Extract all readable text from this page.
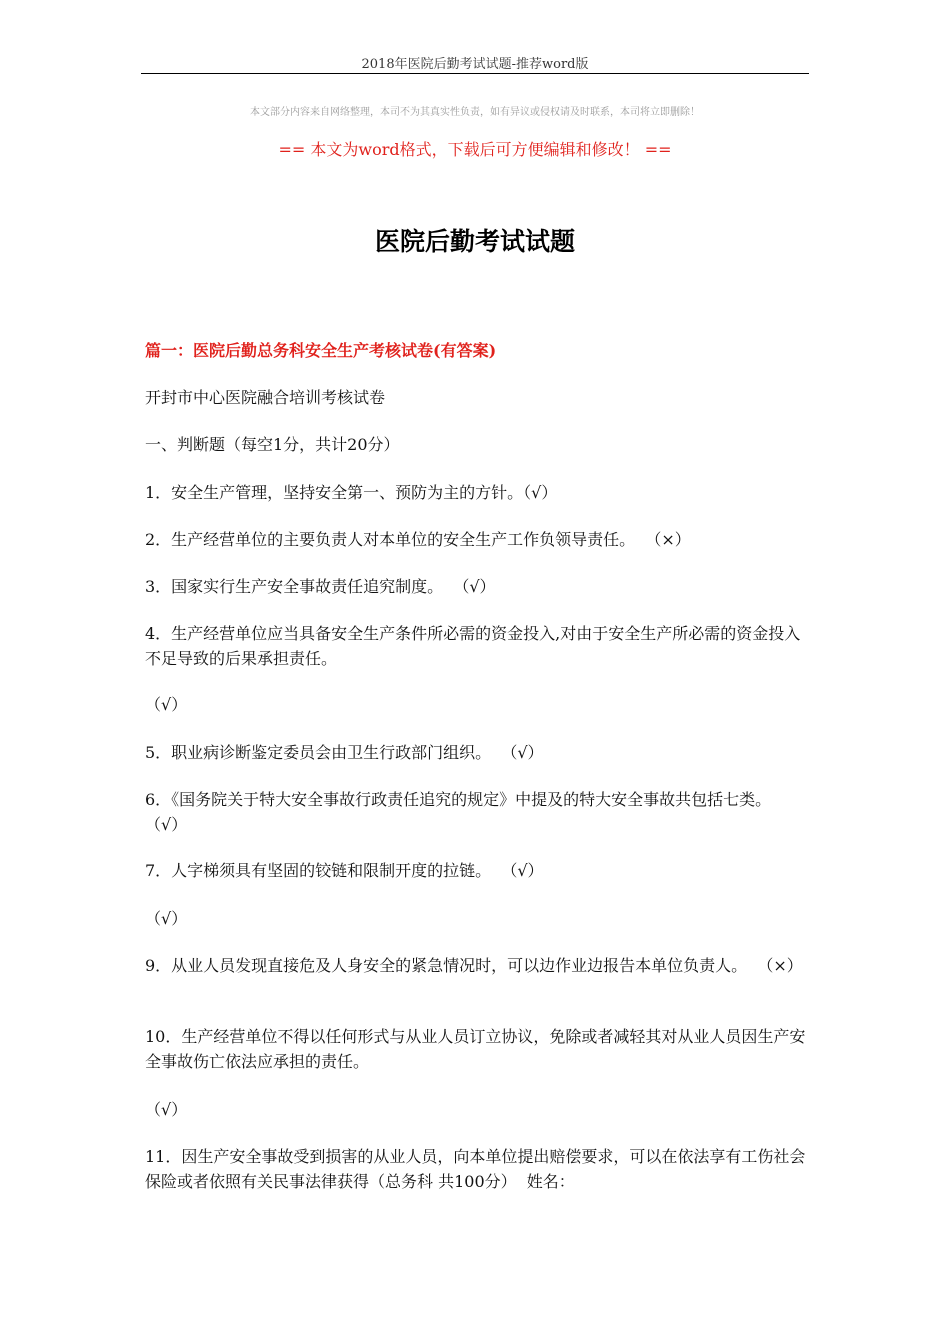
2018年医院后勤考试试题-推荐word版
本文部分内容来自网络整理，本司不为其真实性负责，如有异议或侵权请及时联系，本司将立即删除！
== 本文为word格式，下载后可方便编辑和修改！ ==
医院后勤考试试题
篇一：医院后勤总务科安全生产考核试卷(有答案)
开封市中心医院融合培训考核试卷
一、判断题（每空1分，共计20分）
1．安全生产管理，坚持安全第一、预防为主的方针。（√）
2．生产经营单位的主要负责人对本单位的安全生产工作负领导责任。  （×）
3．国家实行生产安全事故责任追究制度。  （√）
4．生产经营单位应当具备安全生产条件所必需的资金投入,对由于安全生产所必需的资金投入不足导致的后果承担责任。
（√）
5．职业病诊断鉴定委员会由卫生行政部门组织。  （√）
6．《国务院关于特大安全事故行政责任追究的规定》中提及的特大安全事故共包括七类。  （√）
7．人字梯须具有坚固的铰链和限制开度的拉链。  （√）
（√）
9．从业人员发现直接危及人身安全的紧急情况时，可以边作业边报告本单位负责人。  （×）
10．生产经营单位不得以任何形式与从业人员订立协议，免除或者减轻其对从业人员因生产安全事故伤亡依法应承担的责任。
（√）
11．因生产安全事故受到损害的从业人员，向本单位提出赔偿要求，可以在依法享有工伤社会保险或者依照有关民事法律获得（总务科 共100分）  姓名：
